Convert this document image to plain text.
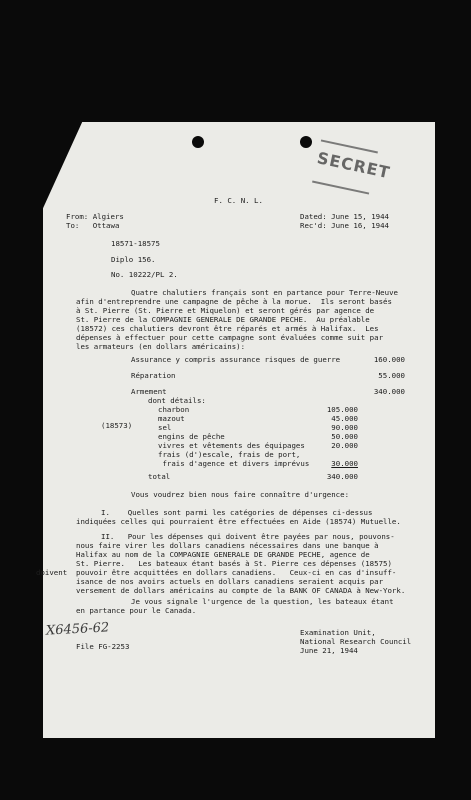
SECRET
F. C. N. L.
From: Algiers
To:   Ottawa
Dated: June 15, 1944
Rec'd: June 16, 1944
18571-18575
Diplo 156.
No. 10222/PL 2.
Quatre chalutiers français sont en partance pour Terre-Neuve
afin d'entreprendre une campagne de pêche à la morue.  Ils seront basés
à St. Pierre (St. Pierre et Miquelon) et seront gérés par agence de
St. Pierre de la COMPAGNIE GENERALE DE GRANDE PECHE.  Au préalable
(18572) ces chalutiers devront être réparés et armés à Halifax.  Les
dépenses à effectuer pour cette campagne sont évaluées comme suit par
les armateurs (en dollars américains):
Assurance y compris assurance risques de guerre	160.000
Réparation	55.000
Armement	340.000
dont détails:
(18573)
charbon	105.000
mazout	45.000
sel	90.000
engins de pêche	50.000
vivres et vêtements des équipages	20.000
frais (d')escale, frais de port,
frais d'agence et divers imprévus	30.000
total	340.000
Vous voudrez bien nous faire connaître d'urgence:
I.    Quelles sont parmi les catégories de dépenses ci-dessus
indiquées celles qui pourraient être effectuées en Aide (18574) Mutuelle.
II.   Pour les dépenses qui doivent être payées par nous, pouvons-
nous faire virer les dollars canadiens nécessaires dans une banque à
Halifax au nom de la COMPAGNIE GENERALE DE GRANDE PECHE, agence de
St. Pierre.   Les bateaux étant basés à St. Pierre ces dépenses (18575)
doivent pouvoir être acquittées en dollars canadiens.   Ceux-ci en cas d'insuff-
isance de nos avoirs actuels en dollars canadiens seraient acquis par
versement de dollars américains au compte de la BANK OF CANADA à New-York.
Je vous signale l'urgence de la question, les bateaux étant
en partance pour le Canada.
X6456-62
File FG-2253
Examination Unit,
National Research Council
June 21, 1944
